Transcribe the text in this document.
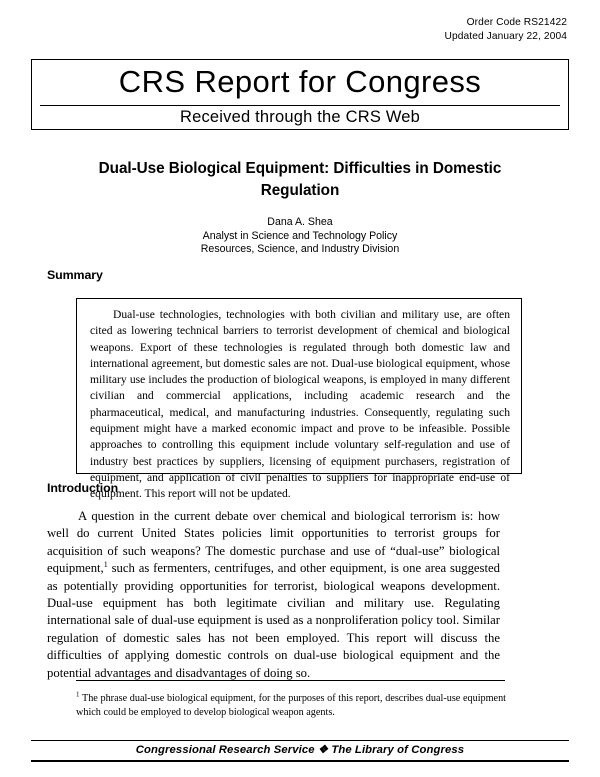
Order Code RS21422
Updated January 22, 2004
CRS Report for Congress
Received through the CRS Web
Dual-Use Biological Equipment: Difficulties in Domestic Regulation
Dana A. Shea
Analyst in Science and Technology Policy
Resources, Science, and Industry Division
Summary
Dual-use technologies, technologies with both civilian and military use, are often cited as lowering technical barriers to terrorist development of chemical and biological weapons. Export of these technologies is regulated through both domestic law and international agreement, but domestic sales are not. Dual-use biological equipment, whose military use includes the production of biological weapons, is employed in many different civilian and commercial applications, including academic research and the pharmaceutical, medical, and manufacturing industries. Consequently, regulating such equipment might have a marked economic impact and prove to be infeasible. Possible approaches to controlling this equipment include voluntary self-regulation and use of industry best practices by suppliers, licensing of equipment purchasers, registration of equipment, and application of civil penalties to suppliers for inappropriate end-use of equipment. This report will not be updated.
Introduction
A question in the current debate over chemical and biological terrorism is: how well do current United States policies limit opportunities to terrorist groups for acquisition of such weapons? The domestic purchase and use of “dual-use” biological equipment,$^1$ such as fermenters, centrifuges, and other equipment, is one area suggested as potentially providing opportunities for terrorist, biological weapons development. Dual-use equipment has both legitimate civilian and military use. Regulating international sale of dual-use equipment is used as a nonproliferation policy tool. Similar regulation of domestic sales has not been employed. This report will discuss the difficulties of applying domestic controls on dual-use biological equipment and the potential advantages and disadvantages of doing so.
$^1$ The phrase dual-use biological equipment, for the purposes of this report, describes dual-use equipment which could be employed to develop biological weapon agents.
Congressional Research Service ❖ The Library of Congress
